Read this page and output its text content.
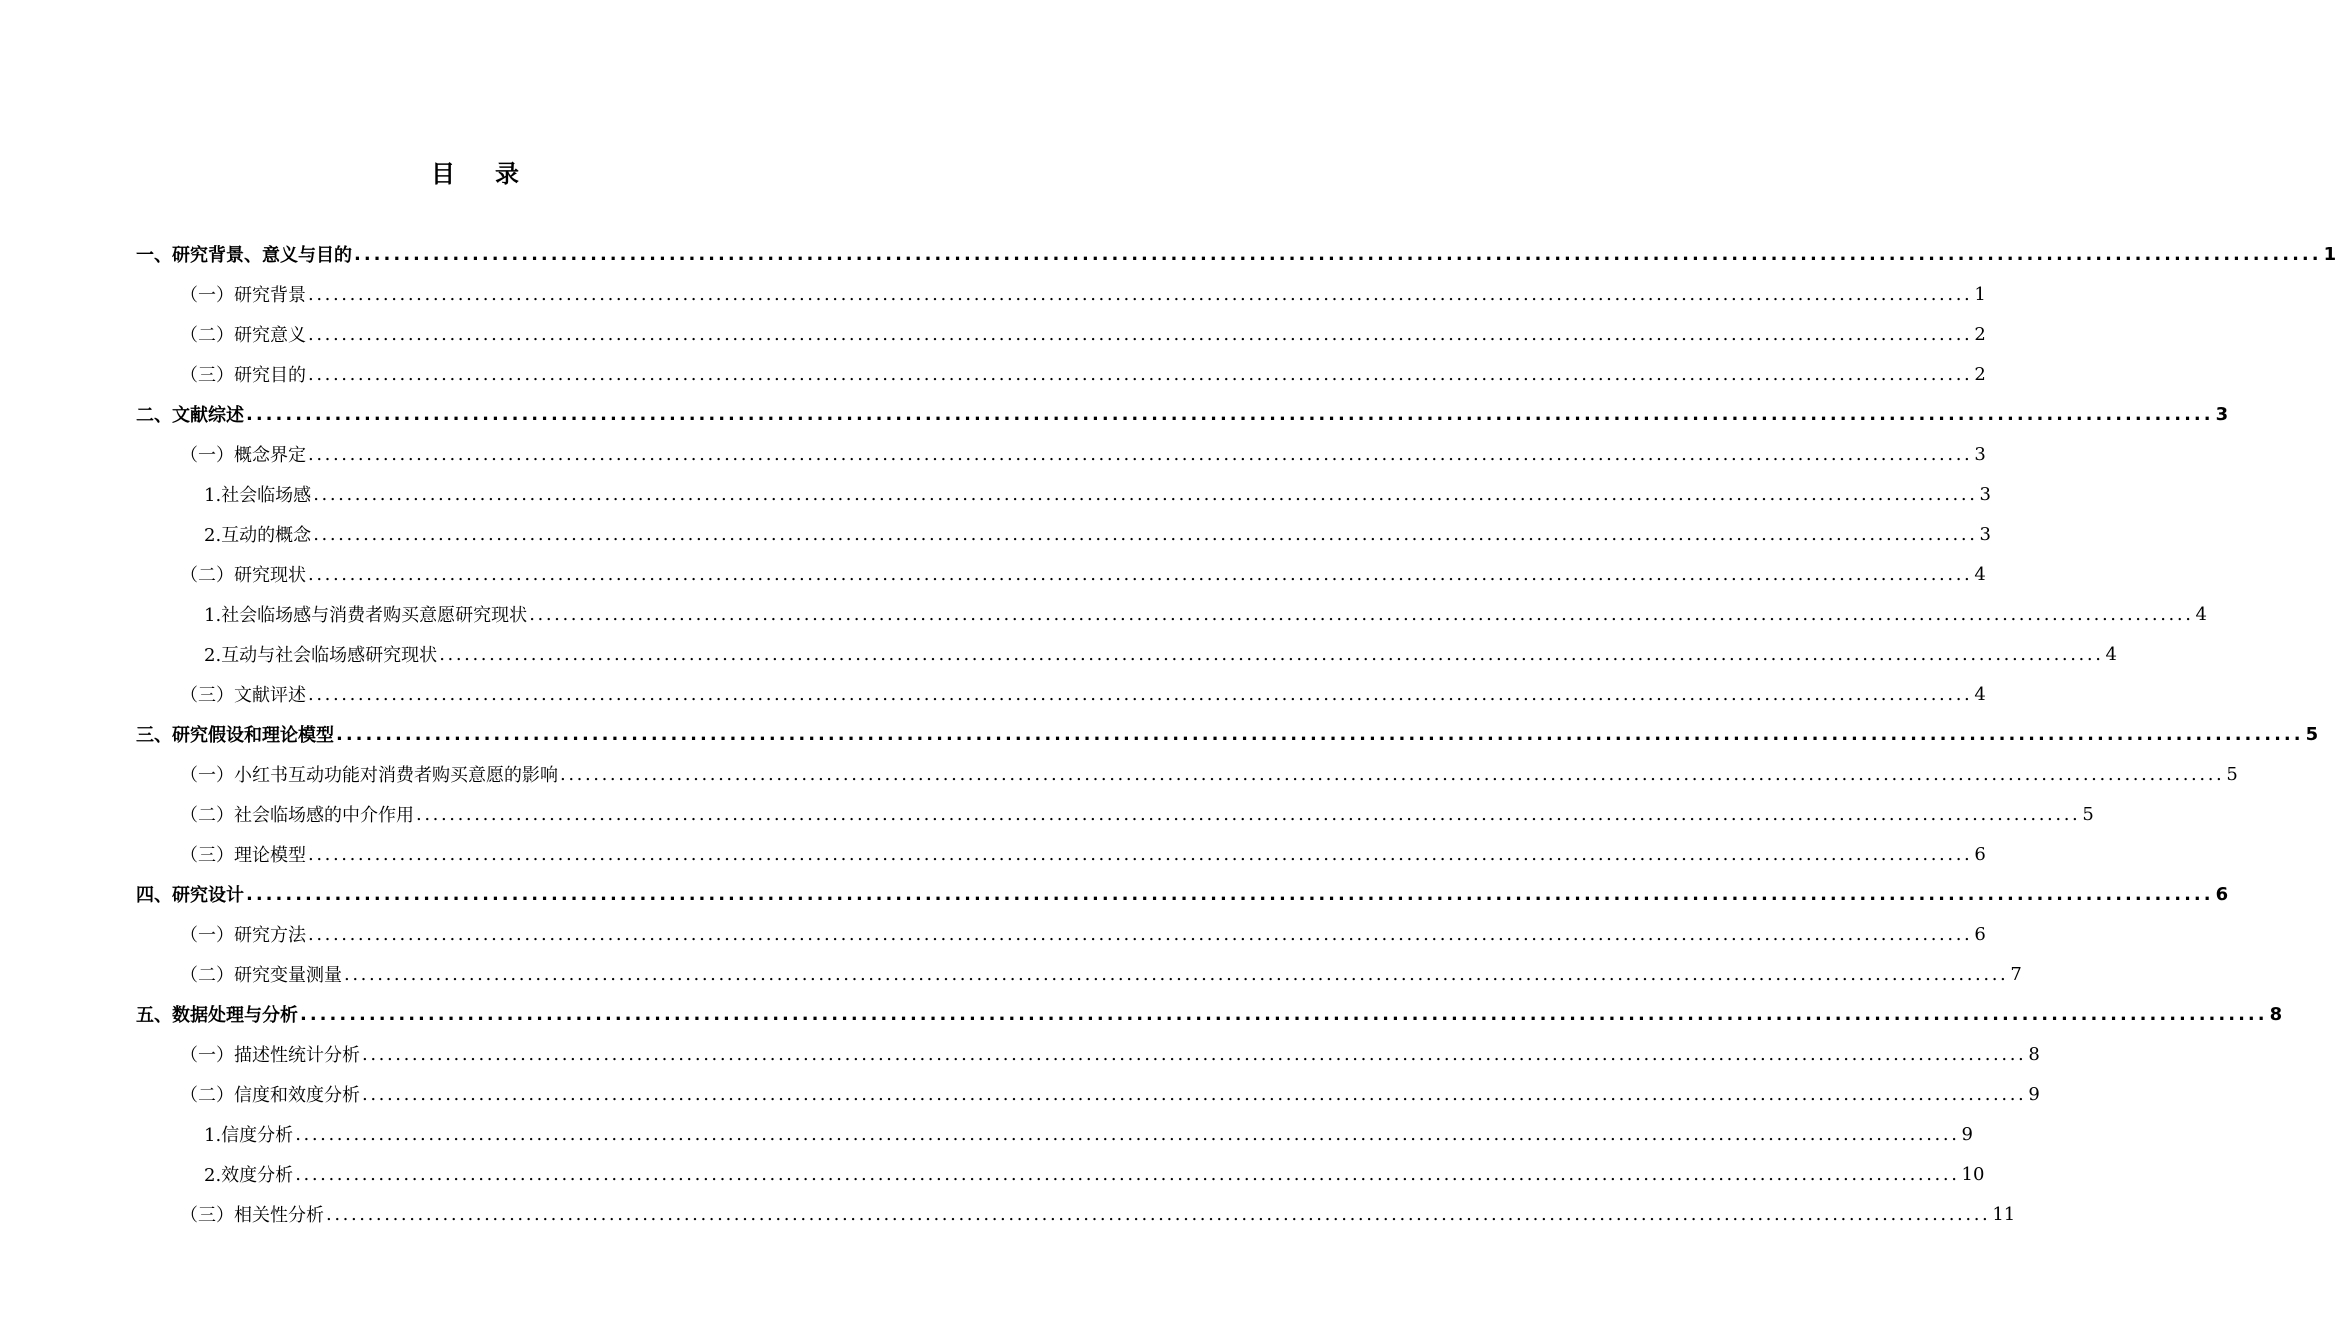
目 录
一、研究背景、意义与目的 ........................................................................................................................................................................................................ 1
（一）研究背景 ........................................................................................................................................................................................................ 1
（二）研究意义 ........................................................................................................................................................................................................ 2
（三）研究目的 ........................................................................................................................................................................................................ 2
二、文献综述 ........................................................................................................................................................................................................ 3
（一）概念界定 ........................................................................................................................................................................................................ 3
1.社会临场感 ........................................................................................................................................................................................................ 3
2.互动的概念 ........................................................................................................................................................................................................ 3
（二）研究现状 ........................................................................................................................................................................................................ 4
1.社会临场感与消费者购买意愿研究现状 ........................................................................................................................................................................................................ 4
2.互动与社会临场感研究现状 ........................................................................................................................................................................................................ 4
（三）文献评述 ........................................................................................................................................................................................................ 4
三、研究假设和理论模型 ........................................................................................................................................................................................................ 5
（一）小红书互动功能对消费者购买意愿的影响 ........................................................................................................................................................................................................ 5
（二）社会临场感的中介作用 ........................................................................................................................................................................................................ 5
（三）理论模型 ........................................................................................................................................................................................................ 6
四、研究设计 ........................................................................................................................................................................................................ 6
（一）研究方法 ........................................................................................................................................................................................................ 6
（二）研究变量测量 ........................................................................................................................................................................................................ 7
五、数据处理与分析 ........................................................................................................................................................................................................ 8
（一）描述性统计分析 ........................................................................................................................................................................................................ 8
（二）信度和效度分析 ........................................................................................................................................................................................................ 9
1.信度分析 ........................................................................................................................................................................................................ 9
2.效度分析 ........................................................................................................................................................................................................ 10
（三）相关性分析 ........................................................................................................................................................................................................ 11
